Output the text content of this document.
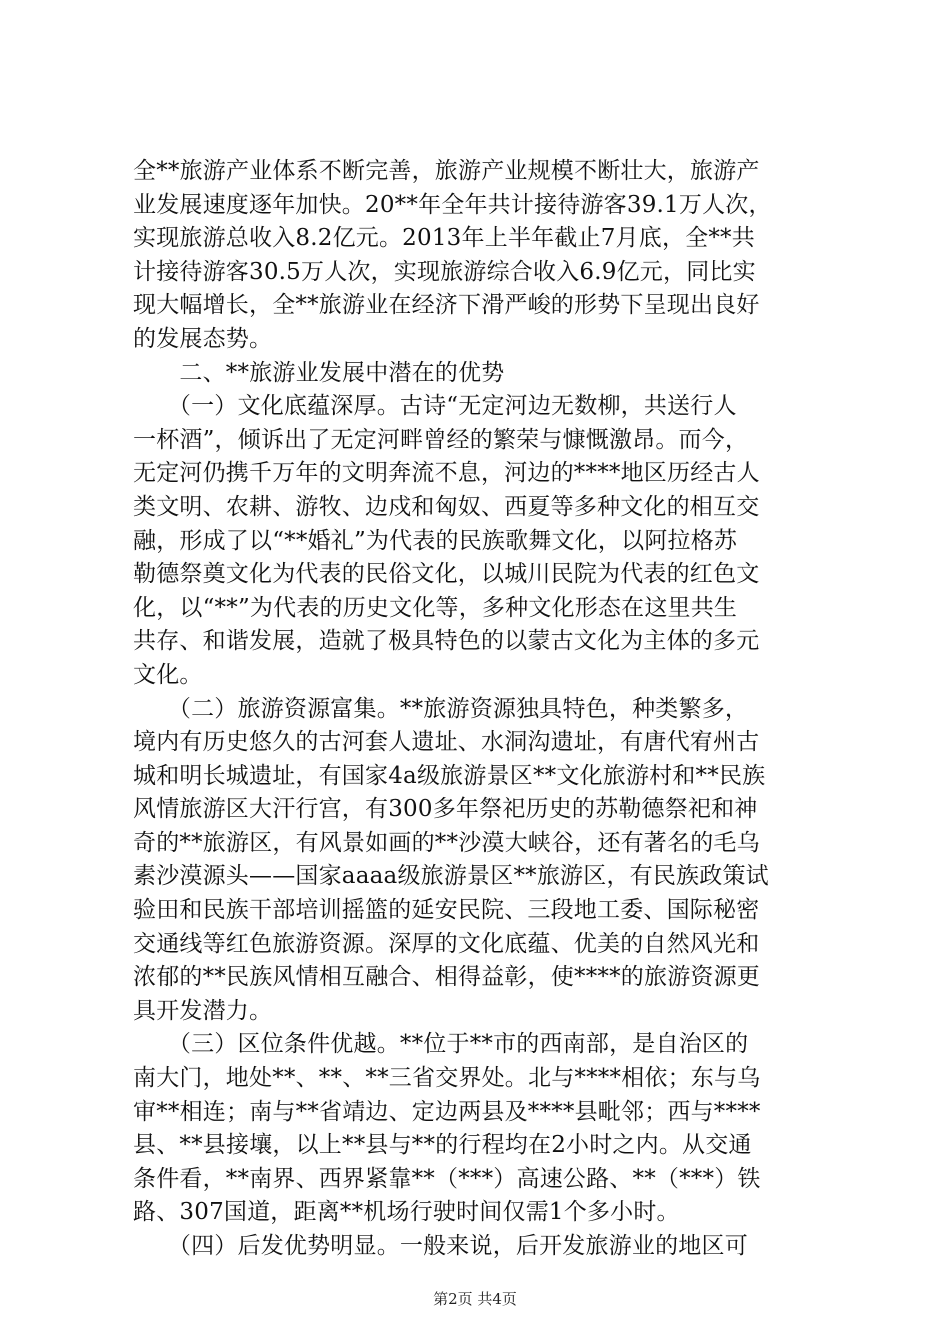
全**旅游产业体系不断完善，旅游产业规模不断壮大，旅游产
业发展速度逐年加快。20**年全年共计接待游客39.1万人次，
实现旅游总收入8.2亿元。2013年上半年截止7月底，全**共
计接待游客30.5万人次，实现旅游综合收入6.9亿元，同比实
现大幅增长，全**旅游业在经济下滑严峻的形势下呈现出良好
的发展态势。
　　二、**旅游业发展中潜在的优势
　　（一）文化底蕴深厚。古诗“无定河边无数柳，共送行人
一杯酒”，倾诉出了无定河畔曾经的繁荣与慷慨激昂。而今，
无定河仍携千万年的文明奔流不息，河边的****地区历经古人
类文明、农耕、游牧、边戍和匈奴、西夏等多种文化的相互交
融，形成了以“**婚礼”为代表的民族歌舞文化，以阿拉格苏
勒德祭奠文化为代表的民俗文化，以城川民院为代表的红色文
化，以“**”为代表的历史文化等，多种文化形态在这里共生
共存、和谐发展，造就了极具特色的以蒙古文化为主体的多元
文化。
　　（二）旅游资源富集。**旅游资源独具特色，种类繁多，
境内有历史悠久的古河套人遗址、水洞沟遗址，有唐代宥州古
城和明长城遗址，有国家4a级旅游景区**文化旅游村和**民族
风情旅游区大汗行宫，有300多年祭祀历史的苏勒德祭祀和神
奇的**旅游区，有风景如画的**沙漠大峡谷，还有著名的毛乌
素沙漠源头——国家aaaa级旅游景区**旅游区，有民族政策试
验田和民族干部培训摇篮的延安民院、三段地工委、国际秘密
交通线等红色旅游资源。深厚的文化底蕴、优美的自然风光和
浓郁的**民族风情相互融合、相得益彰，使****的旅游资源更
具开发潜力。
　　（三）区位条件优越。**位于**市的西南部，是自治区的
南大门，地处**、**、**三省交界处。北与****相依；东与乌
审**相连；南与**省靖边、定边两县及****县毗邻；西与****
县、**县接壤，以上**县与**的行程均在2小时之内。从交通
条件看，**南界、西界紧靠**（***）高速公路、**（***）铁
路、307国道，距离**机场行驶时间仅需1个多小时。
　　（四）后发优势明显。一般来说，后开发旅游业的地区可
第2页 共4页
